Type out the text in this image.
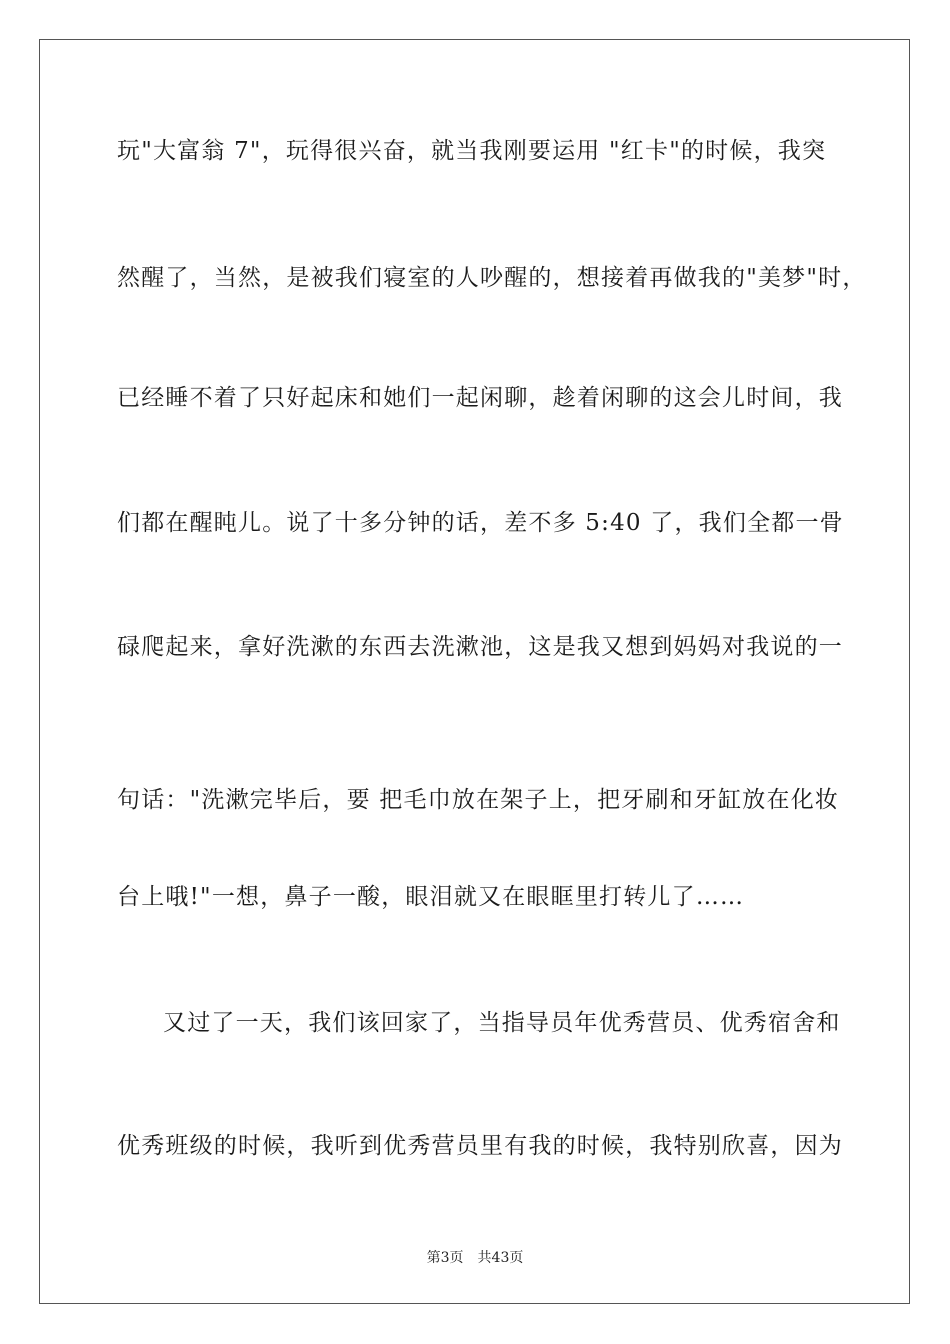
玩"大富翁 7"，玩得很兴奋，就当我刚要运用 "红卡"的时候，我突
然醒了，当然，是被我们寝室的人吵醒的，想接着再做我的"美梦"时，
已经睡不着了只好起床和她们一起闲聊，趁着闲聊的这会儿时间，我
们都在醒盹儿。说了十多分钟的话，差不多 5:40 了，我们全都一骨
碌爬起来，拿好洗漱的东西去洗漱池，这是我又想到妈妈对我说的一
句话："洗漱完毕后，要 把毛巾放在架子上，把牙刷和牙缸放在化妆
台上哦!"一想，鼻子一酸，眼泪就又在眼眶里打转儿了……
又过了一天，我们该回家了，当指导员年优秀营员、优秀宿舍和
优秀班级的时候，我听到优秀营员里有我的时候，我特别欣喜，因为
第3页 共43页
